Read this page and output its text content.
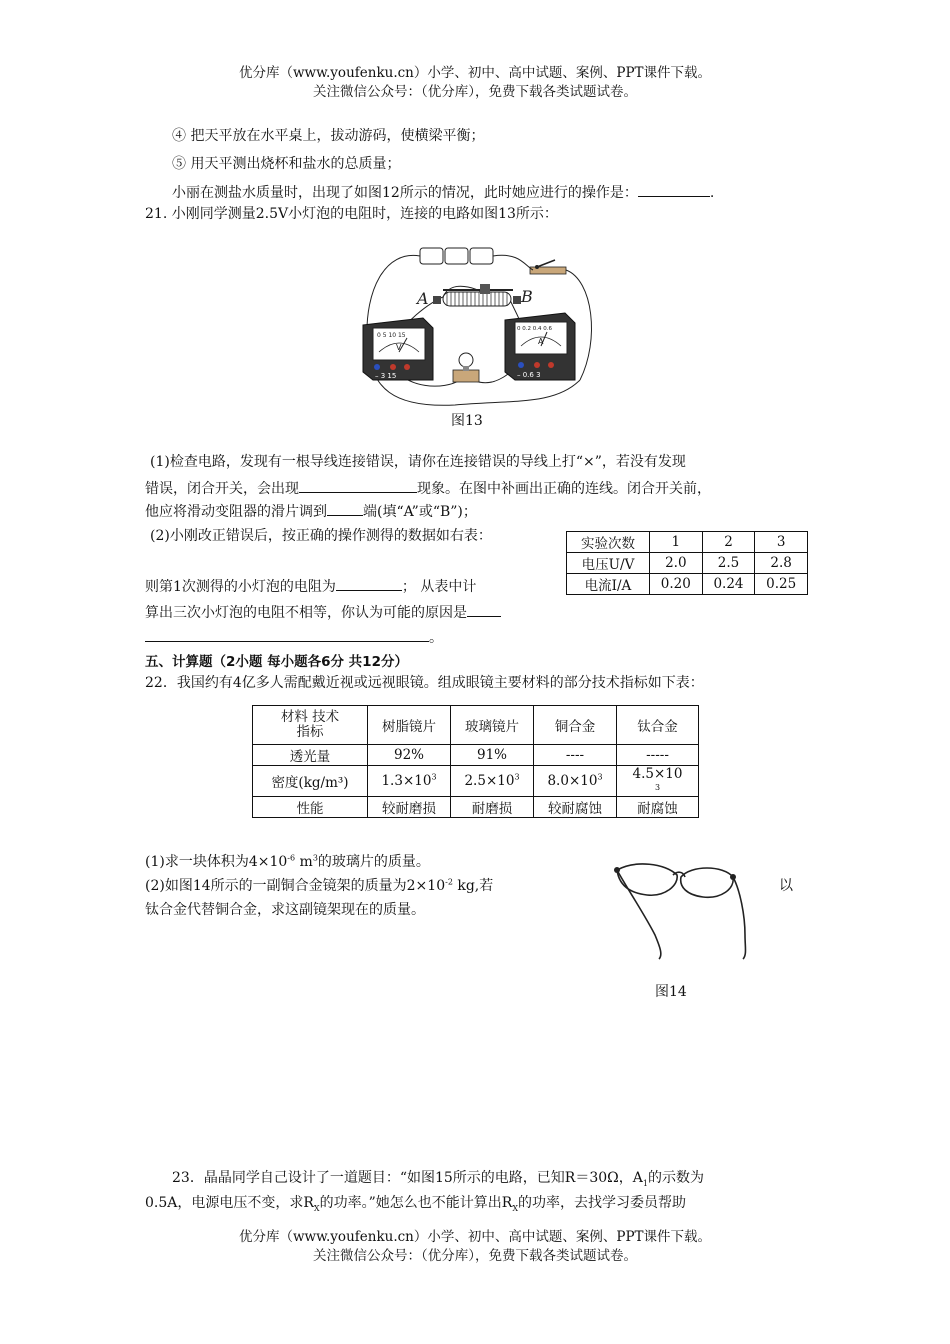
优分库（www.youfenku.cn）小学、初中、高中试题、案例、PPT课件下载。
关注微信公众号：（优分库），免费下载各类试题试卷。
④ 把天平放在水平桌上，拔动游码，使横梁平衡；
⑤ 用天平测出烧杯和盐水的总质量；
小丽在测盐水质量时，出现了如图12所示的情况，此时她应进行的操作是：	.
21. 小刚同学测量2.5V小灯泡的电阻时，连接的电路如图13所示：
A	B
0 5 10 15
V
– 3 15
0 0.2 0.4 0.6
A
– 0.6 3
图13
(1)检查电路，发现有一根导线连接错误，请你在连接错误的导线上打“×”，若没有发现
错误，闭合开关，会出现	现象。在图中补画出正确的连线。闭合开关前，
他应将滑动变阻器的滑片调到	端(填“A”或“B”)；
(2)小刚改正错误后，按正确的操作测得的数据如右表：	实验次数	1	2	3
电压U/V	2.0	2.5	2.8
电流I/A	0.20	0.24	0.25
则第1次测得的小灯泡的电阻为	； 从表中计
算出三次小灯泡的电阻不相等，你认为可能的原因是
。
五、计算题（2小题 每小题各6分 共12分）
22．我国约有4亿多人需配戴近视或远视眼镜。组成眼镜主要材料的部分技术指标如下表：
材料 技术
指标	树脂镜片	玻璃镜片	铜合金	钛合金
透光量	92%	91%	----	-----
密度(kg/m³)	$1.3\times 10^3$	$2.5\times 10^3$	$8.0\times 10^3$	4.5×10
3

性能	较耐磨损	耐磨损	较耐腐蚀	耐腐蚀
(1)求一块体积为$4\times 10^{-6}$ $m^3$的玻璃片的质量。
(2)如图14所示的一副铜合金镜架的质量为$2\times 10^{-2}$ kg,若	以
钛合金代替铜合金，求这副镜架现在的质量。
图14
23．晶晶同学自己设计了一道题目：“如图15所示的电路，已知R＝30Ω，$A_1$的示数为
0.5A，电源电压不变，求$R_X$的功率。”她怎么也不能计算出$R_X$的功率，去找学习委员帮助
优分库（www.youfenku.cn）小学、初中、高中试题、案例、PPT课件下载。
关注微信公众号：（优分库），免费下载各类试题试卷。
